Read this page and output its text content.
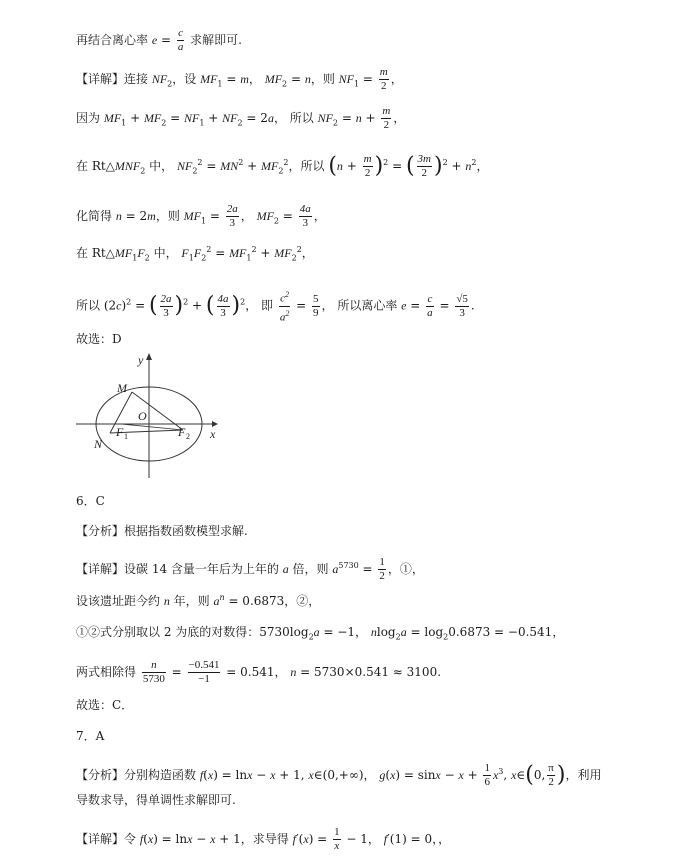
再结合离心率 $e = \frac{c}{a}$ 求解即可.
【详解】连接 $NF_2$，设 $MF_1 = m$， $MF_2 = n$，则 $NF_1 = \frac{m}{2}$ ，
因为 $MF_1 + MF_2 = NF_1 + NF_2 = 2a$， 所以 $NF_2 = n + \frac{m}{2}$ ，
在 $Rt\triangle MNF_2$ 中， $NF_2^2 = MN^2 + MF_2^2$，所以 $(n + \frac{m}{2} )^2$ = ( $\frac{3m}{2} )^2 + n^2$，
化简得 n = 2m，则 $MF_1 = \frac{2a}{3}$ ， $MF_2 = \frac{4a}{3}$ ，
在 $Rt\triangle MF_1F_2$ 中， $F_1F_2^2 = MF_1^2 + MF_2^2$，
所以 $(2c)^2$ = ( $\frac{2a}{3} )^2$ + ( $\frac{4a}{3} )^2$， 即 $\frac{c^2}{a^2} = \frac{5}{9}$ ， 所以离心率 $e = \frac{c}{a} = \frac{√5}{3}$ .
故选：D
y
x
M
O
N
F 1	F 2
6．C
【分析】根据指数函数模型求解.
【详解】设碳 14 含量一年后为上年的 a 倍，则 $a^{5730} = \frac{1}{2}$ ，①，
设该遗址距今约 n 年，则 $a^n = 0.6873$，②，
①②式分别取以 2 为底的对数得：$5730\log_2a = -1$， $nlog_2a = \log_20.6873 = -0.541$，
两式相除得 $\frac{n}{5730} = \frac{-0.541}{-1} = 0.541$， n = 5730×0.541 ≈ 3100.
故选：C．
7．A
【分析】分别构造函数 f(x) = lnx − x + 1, x∈(0,+∞)， $g(x) = \sin x - x + \frac{1}{6} x^3$, x∈(0, $\frac{\pi}{2}$ )，利用
导数求导，得单调性求解即可.
【详解】令 f(x) = lnx − x + 1，求导得 $f'(x) = \frac{1}{x} - 1$， f′(1) = 0，，
